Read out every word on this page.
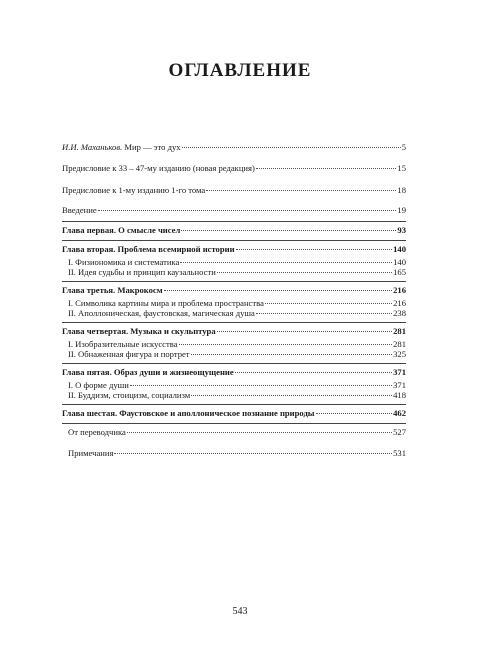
ОГЛАВЛЕНИЕ
И.И. Маханьков. Мир — это дух	5
Предисловие к 33 – 47-му изданию (новая редакция)	15
Предисловие к 1-му изданию 1-го тома	18
Введение	19
Глава первая. О смысле чисел	93
Глава вторая. Проблема всемирной истории	140
I. Физиономика и систематика	140
II. Идея судьбы и принцип каузальности	165
Глава третья. Макрокосм	216
I. Символика картины мира и проблема пространства	216
II. Аполлоническая, фаустовская, магическая душа	238
Глава четвертая. Музыка и скульптура	281
I. Изобразительные искусства	281
II. Обнаженная фигура и портрет	325
Глава пятая. Образ души и жизнеощущение	371
I. О форме души	371
II. Буддизм, стоицизм, социализм	418
Глава шестая. Фаустовское и аполлоническое познание природы	462
От переводчика	527
Примечания	531
543
